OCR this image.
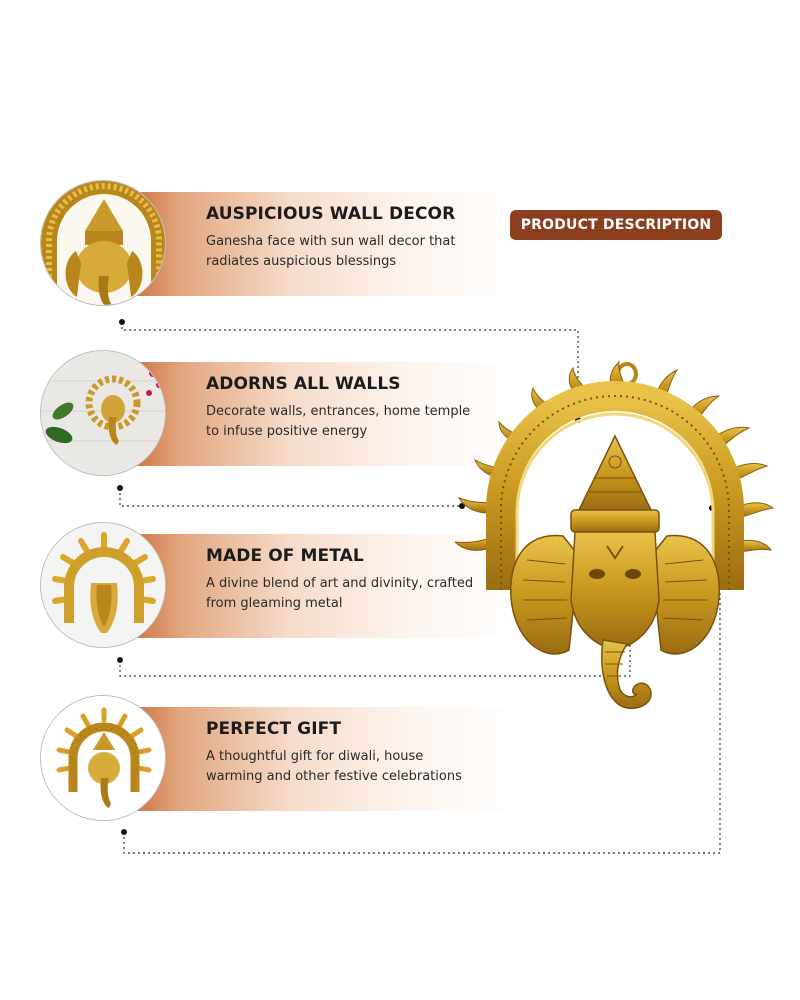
AUSPICIOUS WALL DECOR
Ganesha face with sun wall decor that radiates auspicious blessings
ADORNS ALL WALLS
Decorate walls, entrances, home temple to infuse positive energy
MADE OF METAL
A divine blend of art and divinity, crafted from gleaming metal
PERFECT GIFT
A thoughtful gift for diwali, house warming and other festive celebrations
PRODUCT DESCRIPTION
